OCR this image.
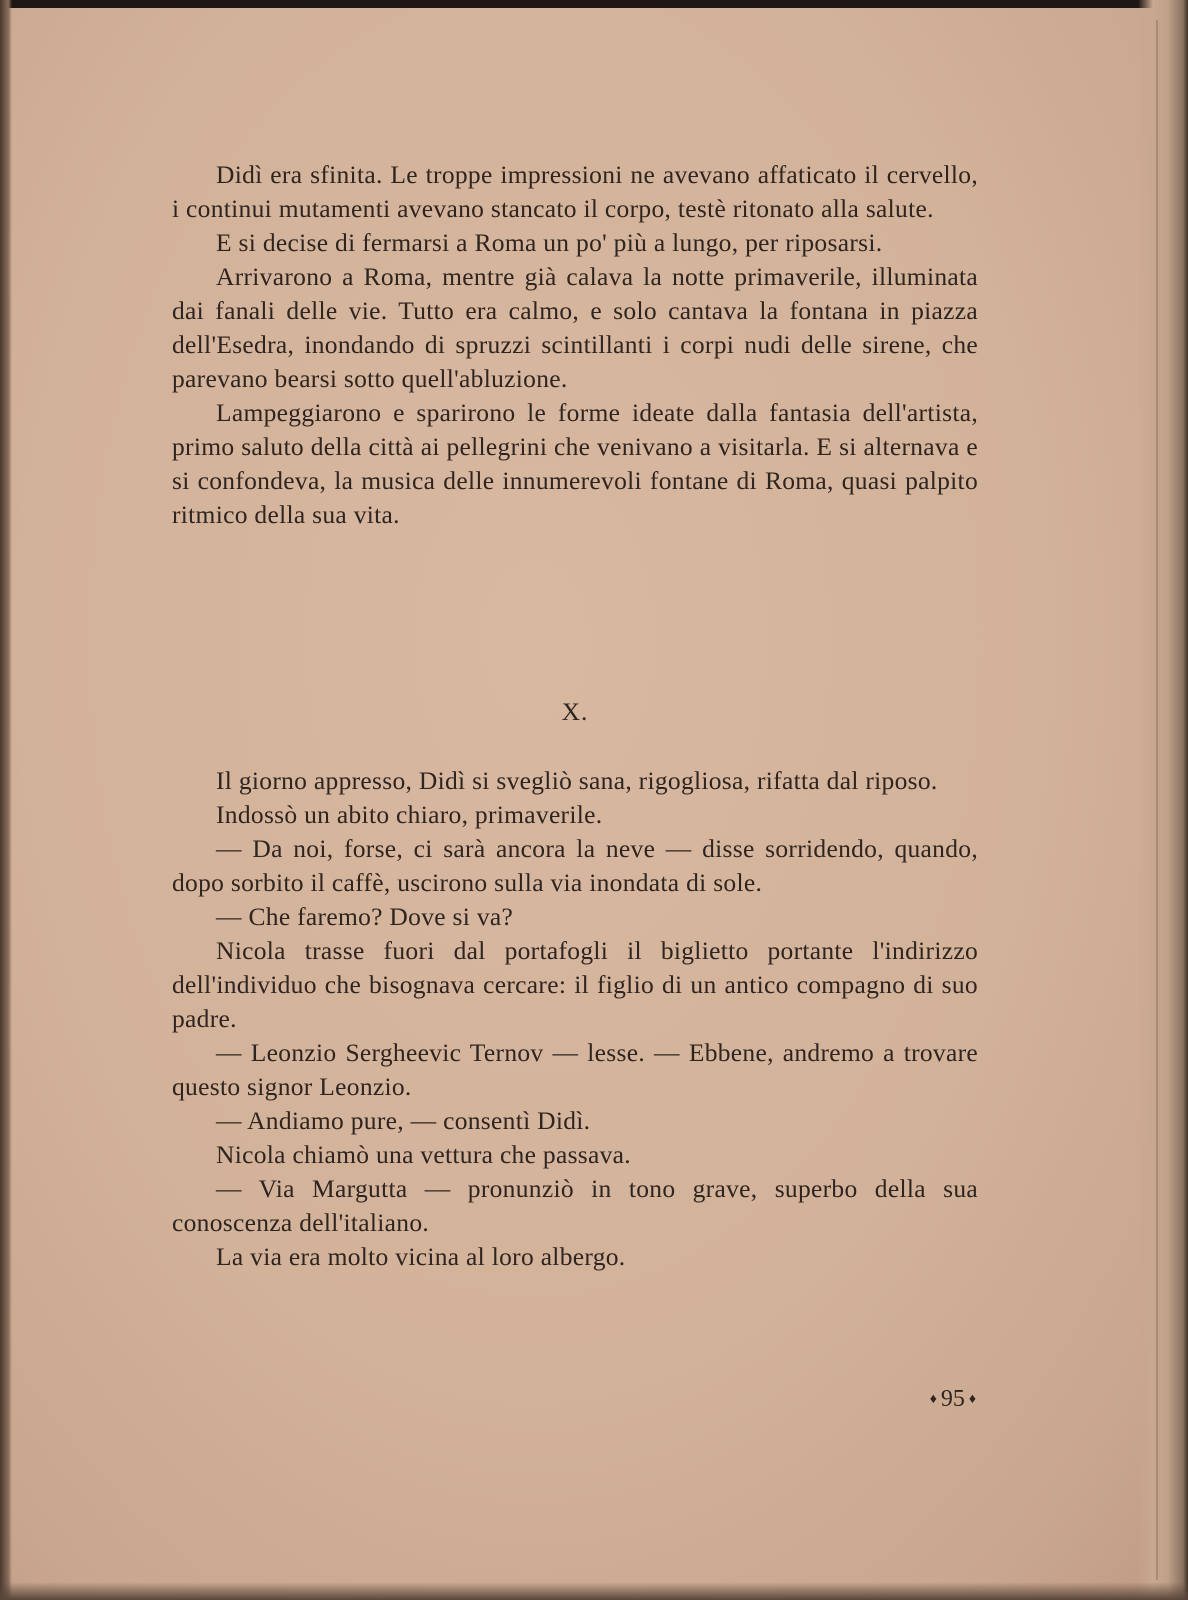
Didì era sfinita. Le troppe impressioni ne avevano affaticato il cervello, i continui mutamenti avevano stancato il corpo, testè ritonato alla salute.

E si decise di fermarsi a Roma un po' più a lungo, per riposarsi.

Arrivarono a Roma, mentre già calava la notte primaverile, illuminata dai fanali delle vie. Tutto era calmo, e solo cantava la fontana in piazza dell'Esedra, inondando di spruzzi scintillanti i corpi nudi delle sirene, che parevano bearsi sotto quell'abluzione.

Lampeggiarono e sparirono le forme ideate dalla fantasia dell'artista, primo saluto della città ai pellegrini che venivano a visitarla. E si alternava e si confondeva, la musica delle innumerevoli fontane di Roma, quasi palpito ritmico della sua vita.

X.

Il giorno appresso, Didì si svegliò sana, rigogliosa, rifatta dal riposo.

Indossò un abito chiaro, primaverile.

— Da noi, forse, ci sarà ancora la neve — disse sorridendo, quando, dopo sorbito il caffè, uscirono sulla via inondata di sole.

— Che faremo? Dove si va?

Nicola trasse fuori dal portafogli il biglietto portante l'indirizzo dell'individuo che bisognava cercare: il figlio di un antico compagno di suo padre.

— Leonzio Sergheevic Ternov — lesse. — Ebbene, andremo a trovare questo signor Leonzio.

— Andiamo pure, — consentì Didì.

Nicola chiamò una vettura che passava.

— Via Margutta — pronunziò in tono grave, superbo della sua conoscenza dell'italiano.

La via era molto vicina al loro albergo.

♦ 95 ♦
